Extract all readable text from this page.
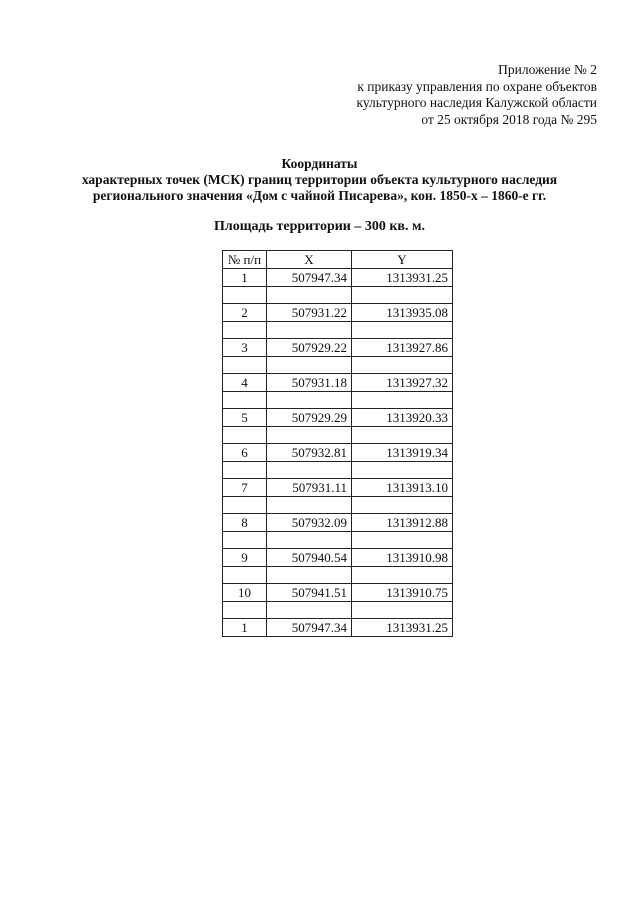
Приложение № 2
к приказу управления по охране объектов
культурного наследия Калужской области
от 25 октября 2018 года № 295
Координаты
характерных точек (МСК) границ территории объекта культурного наследия
регионального значения «Дом с чайной Писарева», кон. 1850-х – 1860-е гг.
Площадь территории – 300 кв. м.
№ п/п	X	Y
1	507947.34	1313931.25

2	507931.22	1313935.08

3	507929.22	1313927.86

4	507931.18	1313927.32

5	507929.29	1313920.33

6	507932.81	1313919.34

7	507931.11	1313913.10

8	507932.09	1313912.88

9	507940.54	1313910.98

10	507941.51	1313910.75

1	507947.34	1313931.25
